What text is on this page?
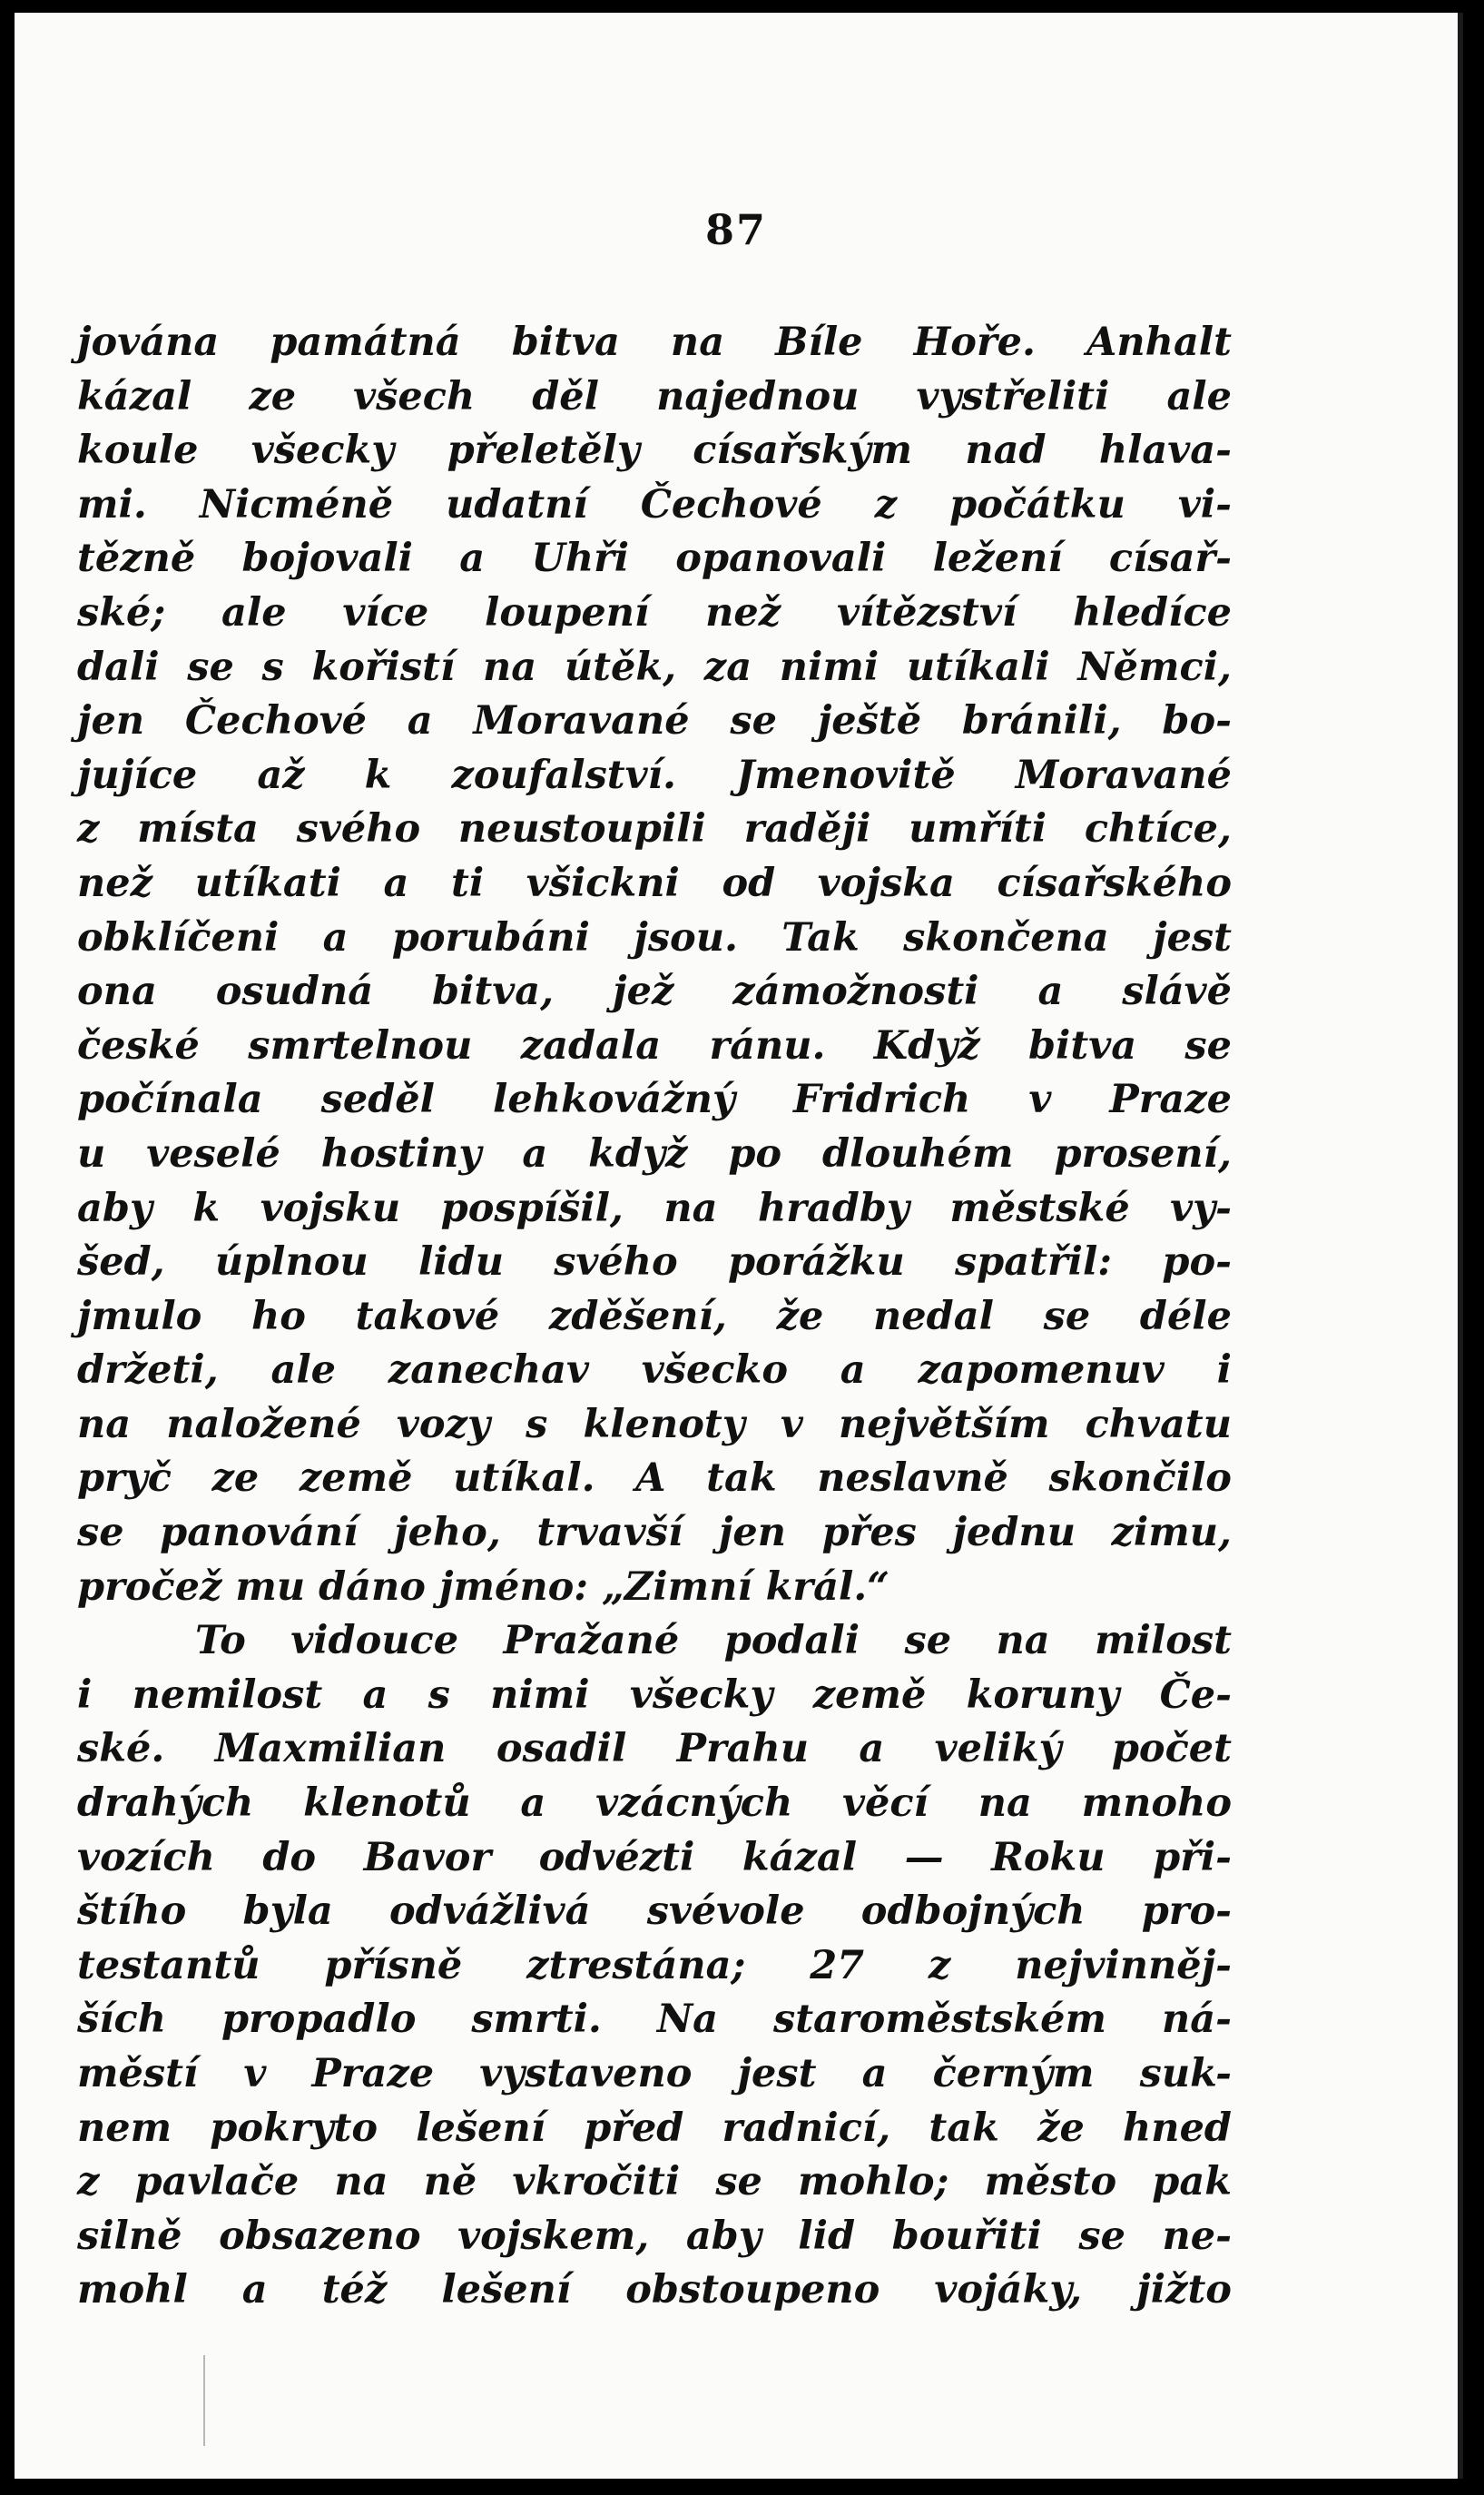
87
jována památná bitva na Bíle Hoře. Anhalt
kázal ze všech děl najednou vystřeliti ale
koule všecky přeletěly císařským nad hlava-
mi. Nicméně udatní Čechové z počátku vi-
tězně bojovali a Uhři opanovali ležení císař-
ské; ale více loupení než vítězství hledíce
dali se s kořistí na útěk, za nimi utíkali Němci,
jen Čechové a Moravané se ještě bránili, bo-
jujíce až k zoufalství. Jmenovitě Moravané
z místa svého neustoupili raději umříti chtíce,
než utíkati a ti všickni od vojska císařského
obklíčeni a porubáni jsou. Tak skončena jest
ona osudná bitva, jež zámožnosti a slávě
české smrtelnou zadala ránu. Když bitva se
počínala seděl lehkovážný Fridrich v Praze
u veselé hostiny a když po dlouhém prosení,
aby k vojsku pospíšil, na hradby městské vy-
šed, úplnou lidu svého porážku spatřil: po-
jmulo ho takové zděšení, že nedal se déle
držeti, ale zanechav všecko a zapomenuv i
na naložené vozy s klenoty v největším chvatu
pryč ze země utíkal. A tak neslavně skončilo
se panování jeho, trvavší jen přes jednu zimu,
pročež mu dáno jméno: „Zimní král.“
To vidouce Pražané podali se na milost
i nemilost a s nimi všecky země koruny Če-
ské. Maxmilian osadil Prahu a veliký počet
drahých klenotů a vzácných věcí na mnoho
vozích do Bavor odvézti kázal — Roku při-
štího byla odvážlivá svévole odbojných pro-
testantů přísně ztrestána; 27 z nejvinněj-
ších propadlo smrti. Na staroměstském ná-
městí v Praze vystaveno jest a černým suk-
nem pokryto lešení před radnicí, tak že hned
z pavlače na ně vkročiti se mohlo; město pak
silně obsazeno vojskem, aby lid bouřiti se ne-
mohl a též lešení obstoupeno vojáky, jižto
